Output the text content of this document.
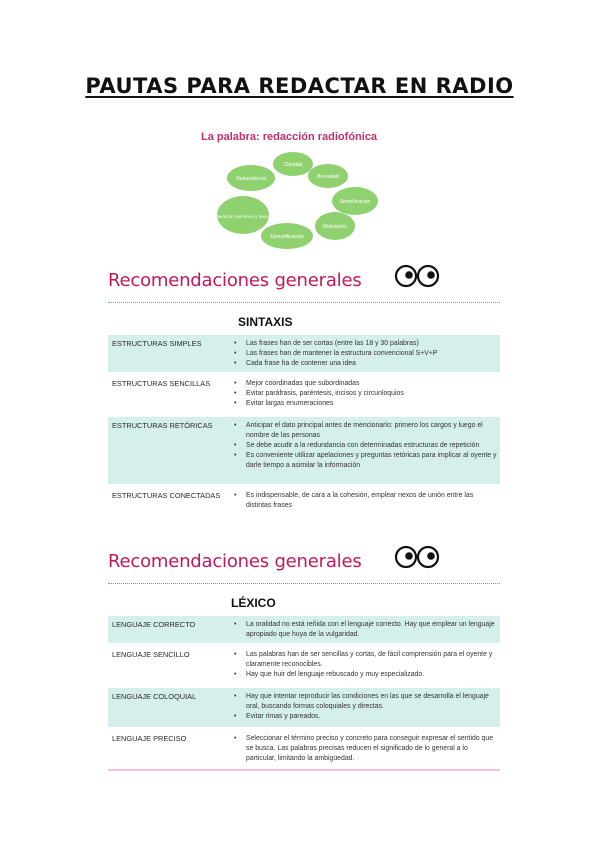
PAUTAS PARA REDACTAR EN RADIO
La palabra: redacción radiofónica
Claridad
Brevedad
Simplificación
Motivación
Ejemplificación
Redundancia
Moderación numérica y sencillez
Recomendaciones generales
SINTAXIS
ESTRUCTURAS SIMPLES	• Las frases han de ser cortas (entre las 18 y 30 palabras)
• Las frases han de mantener la estructura convencional S+V+P
• Cada frase ha de contener una idea
ESTRUCTURAS SENCILLAS	• Mejor coordinadas que subordinadas
• Evitar paráfrasis, paréntesis, incisos y circunloquios
• Evitar largas enumeraciones
ESTRUCTURAS RETÓRICAS	• Anticipar el dato principal antes de mencionarlo: primero los cargos y luego el nombre de las personas
• Se debe acudir a la redundancia con determinadas estructuras de repetición
• Es conveniente utilizar apelaciones y preguntas retóricas para implicar al oyente y darle tiempo a asimilar la información
ESTRUCTURAS CONECTADAS	• Es indispensable, de cara a la cohesión, emplear nexos de unión entre las distintas frases
Recomendaciones generales
LÉXICO
LENGUAJE CORRECTO	• La oralidad no está reñida con el lenguaje correcto. Hay que emplear un lenguaje apropiado que huya de la vulgaridad.
LENGUAJE SENCILLO	• Las palabras han de ser sencillas y cortas, de fácil comprensión para el oyente y claramente reconocibles.
• Hay que huir del lenguaje rebuscado y muy especializado.
LENGUAJE COLOQUIAL	• Hay que intentar reproducir las condiciones en las que se desarrolla el lenguaje oral, buscando formas coloquiales y directas.
• Evitar rimas y pareados.
LENGUAJE PRECISO	• Seleccionar el término preciso y concreto para conseguir expresar el sentido que se busca. Las palabras precisas reducen el significado de lo general a lo particular, limitando la ambigüedad.
